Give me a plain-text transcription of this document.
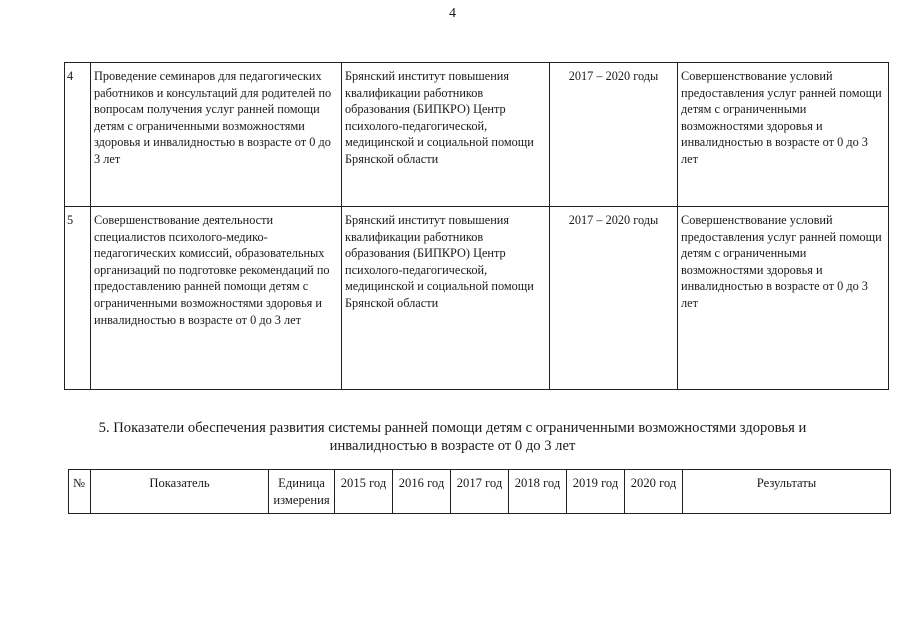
4
4	Проведение семинаров для педагогических работников и консультаций для родителей по вопросам получения услуг ранней помощи детям с ограниченными возможностями здоровья и инвалидностью в возрасте от 0 до 3 лет	Брянский институт повышения квалификации работников образования (БИПКРО) Центр психолого-педагогической, медицинской и социальной помощи Брянской области	2017 – 2020 годы	Совершенствование условий предоставления услуг ранней помощи детям с ограниченными возможностями здоровья и инвалидностью в возрасте от 0 до 3 лет
5	Совершенствование деятельности специалистов психолого-медико-педагогических комиссий, образовательных организаций по подготовке рекомендаций по предоставлению ранней помощи детям с ограниченными возможностями здоровья и инвалидностью в возрасте от 0 до 3 лет	Брянский институт повышения квалификации работников образования (БИПКРО) Центр психолого-педагогической, медицинской и социальной помощи Брянской области	2017 – 2020 годы	Совершенствование условий предоставления услуг ранней помощи детям с ограниченными возможностями здоровья и инвалидностью в возрасте от 0 до 3 лет
5. Показатели обеспечения развития системы ранней помощи детям с ограниченными возможностями здоровья и
инвалидностью в возрасте от 0 до 3 лет
№	Показатель	Единица измерения	2015 год	2016 год	2017 год	2018 год	2019 год	2020 год	Результаты
